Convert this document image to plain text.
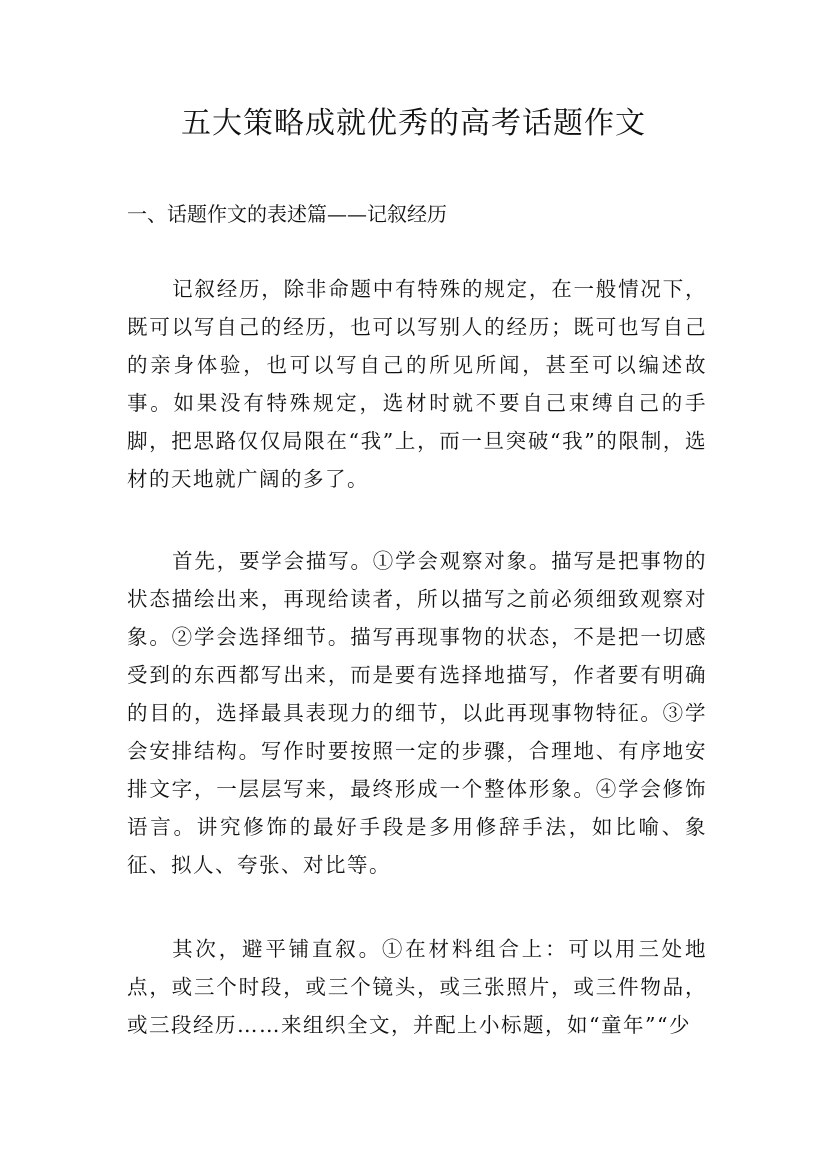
五大策略成就优秀的高考话题作文

一、话题作文的表述篇——记叙经历

记叙经历，除非命题中有特殊的规定，在一般情况下，既可以写自己的经历，也可以写别人的经历；既可也写自己的亲身体验，也可以写自己的所见所闻，甚至可以编述故事。如果没有特殊规定，选材时就不要自己束缚自己的手脚，把思路仅仅局限在“我”上，而一旦突破“我”的限制，选材的天地就广阔的多了。

首先，要学会描写。①学会观察对象。描写是把事物的状态描绘出来，再现给读者，所以描写之前必须细致观察对象。②学会选择细节。描写再现事物的状态，不是把一切感受到的东西都写出来，而是要有选择地描写，作者要有明确的目的，选择最具表现力的细节，以此再现事物特征。③学会安排结构。写作时要按照一定的步骤，合理地、有序地安排文字，一层层写来，最终形成一个整体形象。④学会修饰语言。讲究修饰的最好手段是多用修辞手法，如比喻、象征、拟人、夸张、对比等。

其次，避平铺直叙。①在材料组合上：可以用三处地点，或三个时段，或三个镜头，或三张照片，或三件物品，或三段经历……来组织全文，并配上小标题，如“童年”“少
